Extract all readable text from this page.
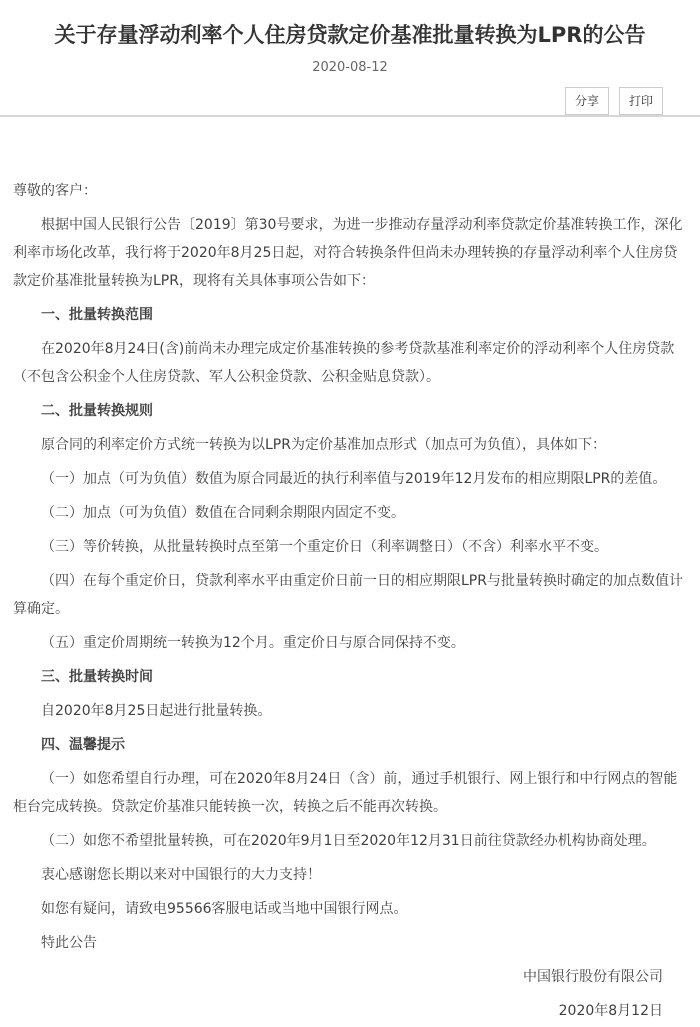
关于存量浮动利率个人住房贷款定价基准批量转换为LPR的公告
2020-08-12
分享	打印

尊敬的客户：

根据中国人民银行公告〔2019〕第30号要求，为进一步推动存量浮动利率贷款定价基准转换工作，深化利率市场化改革，我行将于2020年8月25日起，对符合转换条件但尚未办理转换的存量浮动利率个人住房贷款定价基准批量转换为LPR，现将有关具体事项公告如下：

一、批量转换范围

在2020年8月24日(含)前尚未办理完成定价基准转换的参考贷款基准利率定价的浮动利率个人住房贷款（不包含公积金个人住房贷款、军人公积金贷款、公积金贴息贷款）。

二、批量转换规则

原合同的利率定价方式统一转换为以LPR为定价基准加点形式（加点可为负值），具体如下：

（一）加点（可为负值）数值为原合同最近的执行利率值与2019年12月发布的相应期限LPR的差值。

（二）加点（可为负值）数值在合同剩余期限内固定不变。

（三）等价转换，从批量转换时点至第一个重定价日（利率调整日）（不含）利率水平不变。

（四）在每个重定价日，贷款利率水平由重定价日前一日的相应期限LPR与批量转换时确定的加点数值计算确定。

（五）重定价周期统一转换为12个月。重定价日与原合同保持不变。

三、批量转换时间

自2020年8月25日起进行批量转换。

四、温馨提示

（一）如您希望自行办理，可在2020年8月24日（含）前，通过手机银行、网上银行和中行网点的智能柜台完成转换。贷款定价基准只能转换一次，转换之后不能再次转换。

（二）如您不希望批量转换，可在2020年9月1日至2020年12月31日前往贷款经办机构协商处理。

衷心感谢您长期以来对中国银行的大力支持！

如您有疑问，请致电95566客服电话或当地中国银行网点。

特此公告

中国银行股份有限公司

2020年8月12日
